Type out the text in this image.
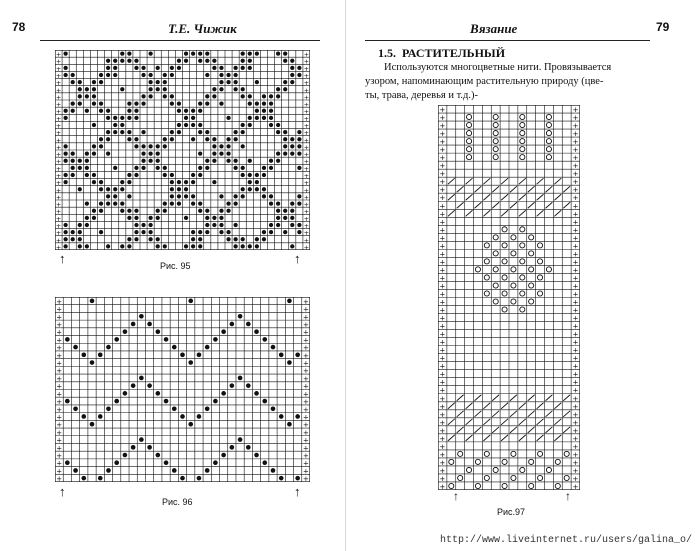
78	Т.Е. Чижик	Вязание	79
+	+
+	+
+	+
+	+
+	+
+	+
+	+
+	+
+	+
+	+
+	+
+	+
+	+
+	+
+	+
+	+
+	+
+	+
+	+
+	+
+	+
+	+
+	+
+	+
+	+
+	+
+	+
+	+
↑	↑
Рис. 95
+	+
+	+
+	+
+	+
+	+
+	+
+	+
+	+
+	+
+	+
+	+
+	+
+	+
+	+
+	+
+	+
+	+
+	+
+	+
+	+
+	+
+	+
+	+
+	+
↑	↑
Рис. 96
1.5. РАСТИТЕЛЬНЫЙ
Используются многоцветные нити. Провязывается
узором, напоминающим растительную природу (цве-
ты, трава, деревья и т.д.)-
+	+
+	+
+	+
+	+
+	+
+	+
+	+
+	+
+	+
+	+
+	+
+	+
+	+
+	+
+	+
+	+
+	+
+	+
+	+
+	+
+	+
+	+
+	+
+	+
+	+
+	+
+	+
+	+
+	+
+	+
+	+
+	+
+	+
+	+
+	+
+	+
+	+
+	+
+	+
+	+
+	+
+	+
+	+
+	+
+	+
+	+
+	+
+	+
↑	↑
Рис.97
http://www.liveinternet.ru/users/galina_o/
